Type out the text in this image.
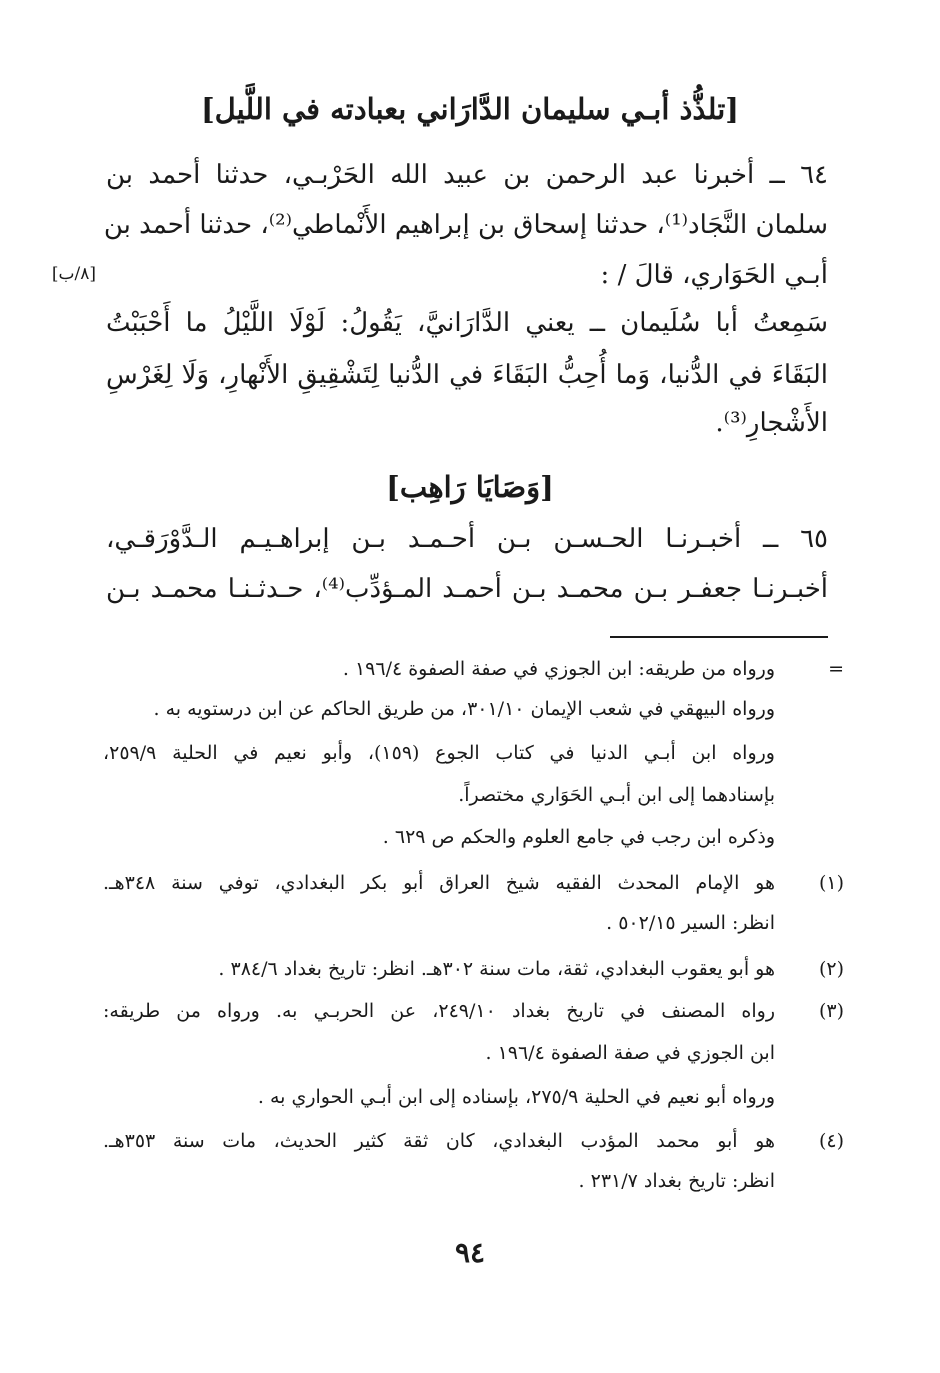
[تلذُّذ أبـي سليمان الدَّارَاني بعبادته في اللَّيل]
٦٤ ــ أخبرنا عبد الرحمن بن عبيد الله الحَرْبـي، حدثنا أحمد بن
سلمان النَّجَاد⁽¹⁾، حدثنا إسحاق بن إبراهيم الأَنْماطي⁽²⁾، حدثنا أحمد بن
أبـي الحَوَاري، قالَ / :
[٨/ب]
سَمِعتُ أبا سُلَيمان ــ يعني الدَّارَانيَّ، يَقُولُ: لَوْلَا اللَّيْلُ ما أَحْبَبْتُ
البَقَاءَ في الدُّنيا، وَما أُحِبُّ البَقَاءَ في الدُّنيا لِتَشْقِيقِ الأَنْهارِ، وَلَا لِغَرْسِ
الأَشْجارِ⁽³⁾.
[وَصَايَا رَاهِب]
٦٥ ــ أخبـرنـا الحـسـن بـن أحـمـد بـن إبراهـيـم الـدَّوْرَقـي،
أخبـرنـا جعفـر بـن محمـد بـن أحمـد المـؤدِّب⁽⁴⁾، حـدثـنـا محمـد بـن
=
ورواه من طريقه: ابن الجوزي في صفة الصفوة ١٩٦/٤ .
ورواه البيهقي في شعب الإيمان ٣٠١/١٠، من طريق الحاكم عن ابن درستويه به .
ورواه ابن أبـي الدنيا في كتاب الجوع (١٥٩)، وأبو نعيم في الحلية ٢٥٩/٩،
بإسنادهما إلى ابن أبـي الحَوَاري مختصراً.
وذكره ابن رجب في جامع العلوم والحكم ص ٦٢٩ .
(١)
هو الإمام المحدث الفقيه شيخ العراق أبو بكر البغدادي، توفي سنة ٣٤٨هـ.
انظر: السير ٥٠٢/١٥ .
(٢)
هو أبو يعقوب البغدادي، ثقة، مات سنة ٣٠٢هـ. انظر: تاريخ بغداد ٣٨٤/٦ .
(٣)
رواه المصنف في تاريخ بغداد ٢٤٩/١٠، عن الحربـي به. ورواه من طريقه:
ابن الجوزي في صفة الصفوة ١٩٦/٤ .
ورواه أبو نعيم في الحلية ٢٧٥/٩، بإسناده إلى ابن أبـي الحواري به .
(٤)
هو أبو محمد المؤدب البغدادي، كان ثقة كثير الحديث، مات سنة ٣٥٣هـ.
انظر: تاريخ بغداد ٢٣١/٧ .
٩٤
